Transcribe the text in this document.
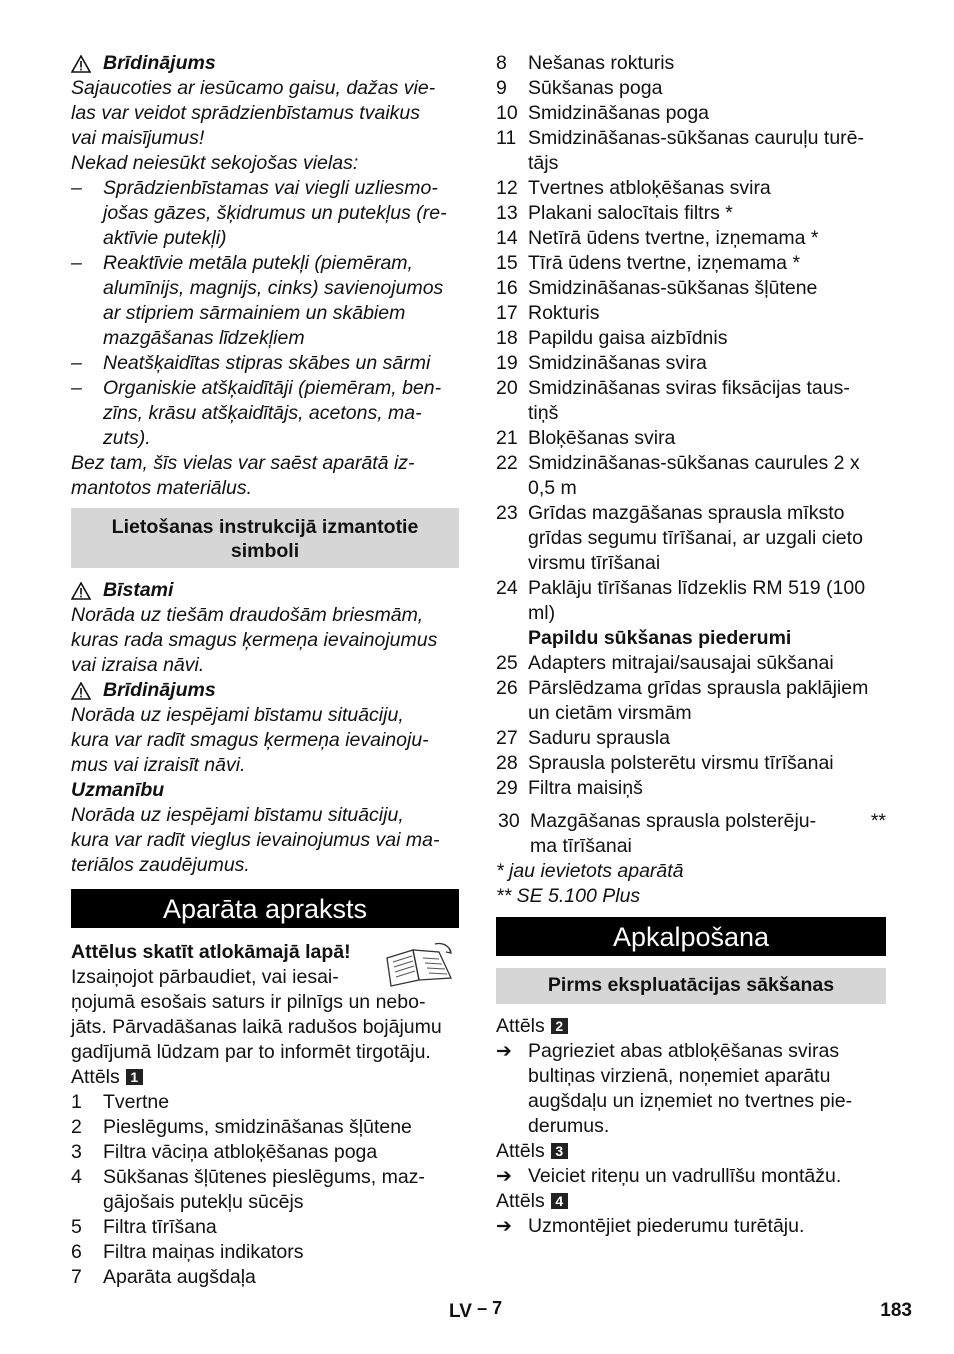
Brīdinājums

Sajaucoties ar iesūcamo gaisu, dažas vie-
las var veidot sprādzienbīstamus tvaikus
vai maisījumus!
Nekad neiesūkt sekojošas vielas:

–	Sprādzienbīstamas vai viegli uzliesmo-
jošas gāzes, šķidrumus un putekļus (re-
aktīvie putekļi)
–	Reaktīvie metāla putekļi (piemēram,
alumīnijs, magnijs, cinks) savienojumos
ar stipriem sārmainiem un skābiem
mazgāšanas līdzekļiem
–	Neatšķaidītas stipras skābes un sārmi
–	Organiskie atšķaidītāji (piemēram, ben-
zīns, krāsu atšķaidītājs, acetons, ma-
zuts).

Bez tam, šīs vielas var saēst aparātā iz-
mantotos materiālus.

Lietošanas instrukcijā izmantotie
simboli
Bīstami

Norāda uz tiešām draudošām briesmām,
kuras rada smagus ķermeņa ievainojumus
vai izraisa nāvi.

Brīdinājums

Norāda uz iespējami bīstamu situāciju,
kura var radīt smagus ķermeņa ievainoju-
mus vai izraisīt nāvi.

Uzmanību

Norāda uz iespējami bīstamu situāciju,
kura var radīt vieglus ievainojumus vai ma-
teriālos zaudējumus.

Aparāta apraksts

Attēlus skatīt atlokāmajā lapā!

Izsaiņojot pārbaudiet, vai iesai-
ņojumā esošais saturs ir pilnīgs un nebo-
jāts. Pārvadāšanas laikā radušos bojājumu
gadījumā lūdzam par to informēt tirgotāju.

Attēls 1

1	Tvertne
2	Pieslēgums, smidzināšanas šļūtene
3	Filtra vāciņa atbloķēšanas poga
4	Sūkšanas šļūtenes pieslēgums, maz-
gājošais putekļu sūcējs
5	Filtra tīrīšana
6	Filtra maiņas indikators
7	Aparāta augšdaļa
8	Nešanas rokturis
9	Sūkšanas poga
10 Smidzināšanas poga
11 Smidzināšanas-sūkšanas cauruļu turē-
tājs
12 Tvertnes atbloķēšanas svira
13 Plakani salocītais filtrs *
14 Netīrā ūdens tvertne, izņemama *
15 Tīrā ūdens tvertne, izņemama *
16 Smidzināšanas-sūkšanas šļūtene
17 Rokturis
18 Papildu gaisa aizbīdnis
19 Smidzināšanas svira
20 Smidzināšanas sviras fiksācijas taus-
tiņš
21 Bloķēšanas svira
22 Smidzināšanas-sūkšanas caurules 2 x
0,5 m
23 Grīdas mazgāšanas sprausla mīksto
grīdas segumu tīrīšanai, ar uzgali cieto
virsmu tīrīšanai
24 Paklāju tīrīšanas līdzeklis RM 519 (100
ml)
Papildu sūkšanas piederumi
25 Adapters mitrajai/sausajai sūkšanai
26 Pārslēdzama grīdas sprausla paklājiem
un cietām virsmām
27 Saduru sprausla
28 Sprausla polsterētu virsmu tīrīšanai
29 Filtra maisiņš
30 Mazgāšanas sprausla polsterēju-
ma tīrīšanai
**

* jau ievietots aparātā

** SE 5.100 Plus

Apkalpošana
Pirms ekspluatācijas sākšanas

Attēls 2

➔ Pagrieziet abas atbloķēšanas sviras
bultiņas virzienā, noņemiet aparātu
augšdaļu un izņemiet no tvertnes pie-
derumus.

Attēls 3

➔ Veiciet riteņu un vadrullīšu montāžu.

Attēls 4

➔ Uzmontējiet piederumu turētāju.
LV – 7	183
